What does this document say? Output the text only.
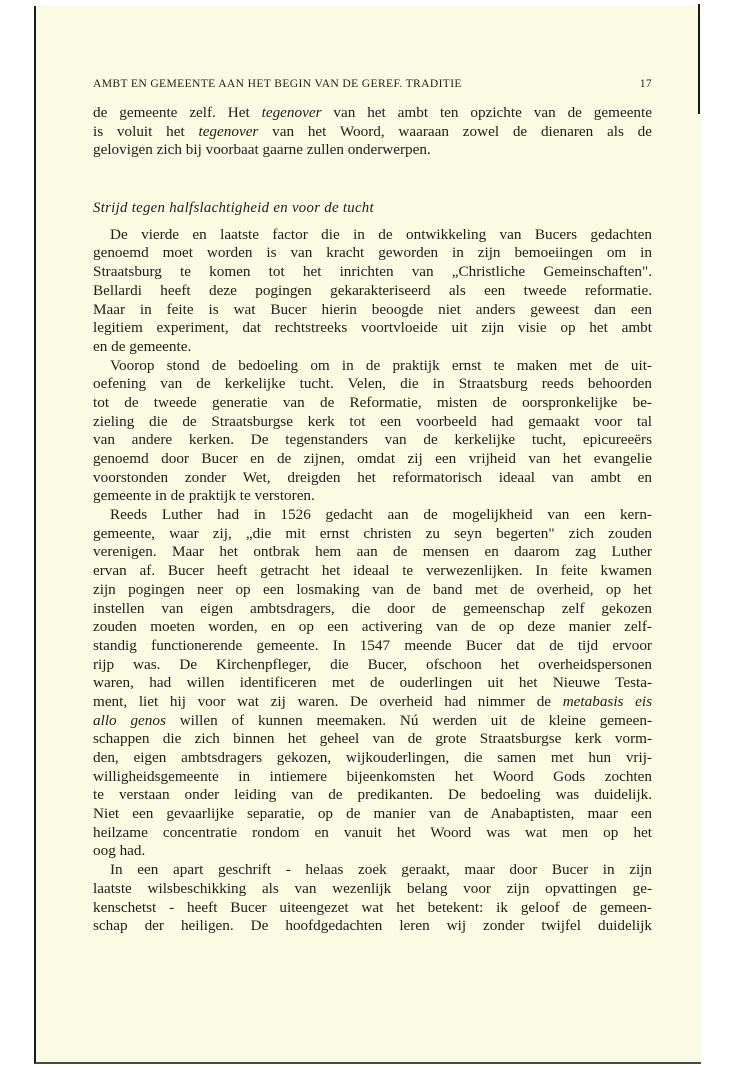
AMBT EN GEMEENTE AAN HET BEGIN VAN DE GEREF. TRADITIE	17
de gemeente zelf. Het tegenover van het ambt ten opzichte van de gemeente
is voluit het tegenover van het Woord, waaraan zowel de dienaren als de
gelovigen zich bij voorbaat gaarne zullen onderwerpen.
Strijd tegen halfslachtigheid en voor de tucht
De vierde en laatste factor die in de ontwikkeling van Bucers gedachten
genoemd moet worden is van kracht geworden in zijn bemoeiingen om in
Straatsburg te komen tot het inrichten van „Christliche Gemeinschaften".
Bellardi heeft deze pogingen gekarakteriseerd als een tweede reformatie.
Maar in feite is wat Bucer hierin beoogde niet anders geweest dan een
legitiem experiment, dat rechtstreeks voortvloeide uit zijn visie op het ambt
en de gemeente.
Voorop stond de bedoeling om in de praktijk ernst te maken met de uit-
oefening van de kerkelijke tucht. Velen, die in Straatsburg reeds behoorden
tot de tweede generatie van de Reformatie, misten de oorspronkelijke be-
zieling die de Straatsburgse kerk tot een voorbeeld had gemaakt voor tal
van andere kerken. De tegenstanders van de kerkelijke tucht, epicureeërs
genoemd door Bucer en de zijnen, omdat zij een vrijheid van het evangelie
voorstonden zonder Wet, dreigden het reformatorisch ideaal van ambt en
gemeente in de praktijk te verstoren.
Reeds Luther had in 1526 gedacht aan de mogelijkheid van een kern-
gemeente, waar zij, „die mit ernst christen zu seyn begerten" zich zouden
verenigen. Maar het ontbrak hem aan de mensen en daarom zag Luther
ervan af. Bucer heeft getracht het ideaal te verwezenlijken. In feite kwamen
zijn pogingen neer op een losmaking van de band met de overheid, op het
instellen van eigen ambtsdragers, die door de gemeenschap zelf gekozen
zouden moeten worden, en op een activering van de op deze manier zelf-
standig functionerende gemeente. In 1547 meende Bucer dat de tijd ervoor
rijp was. De Kirchenpfleger, die Bucer, ofschoon het overheidspersonen
waren, had willen identificeren met de ouderlingen uit het Nieuwe Testa-
ment, liet hij voor wat zij waren. De overheid had nimmer de metabasis eis
allo genos willen of kunnen meemaken. Nú werden uit de kleine gemeen-
schappen die zich binnen het geheel van de grote Straatsburgse kerk vorm-
den, eigen ambtsdragers gekozen, wijkouderlingen, die samen met hun vrij-
willigheidsgemeente in intiemere bijeenkomsten het Woord Gods zochten
te verstaan onder leiding van de predikanten. De bedoeling was duidelijk.
Niet een gevaarlijke separatie, op de manier van de Anabaptisten, maar een
heilzame concentratie rondom en vanuit het Woord was wat men op het
oog had.
In een apart geschrift - helaas zoek geraakt, maar door Bucer in zijn
laatste wilsbeschikking als van wezenlijk belang voor zijn opvattingen ge-
kenschetst - heeft Bucer uiteengezet wat het betekent: ik geloof de gemeen-
schap der heiligen. De hoofdgedachten leren wij zonder twijfel duidelijk
